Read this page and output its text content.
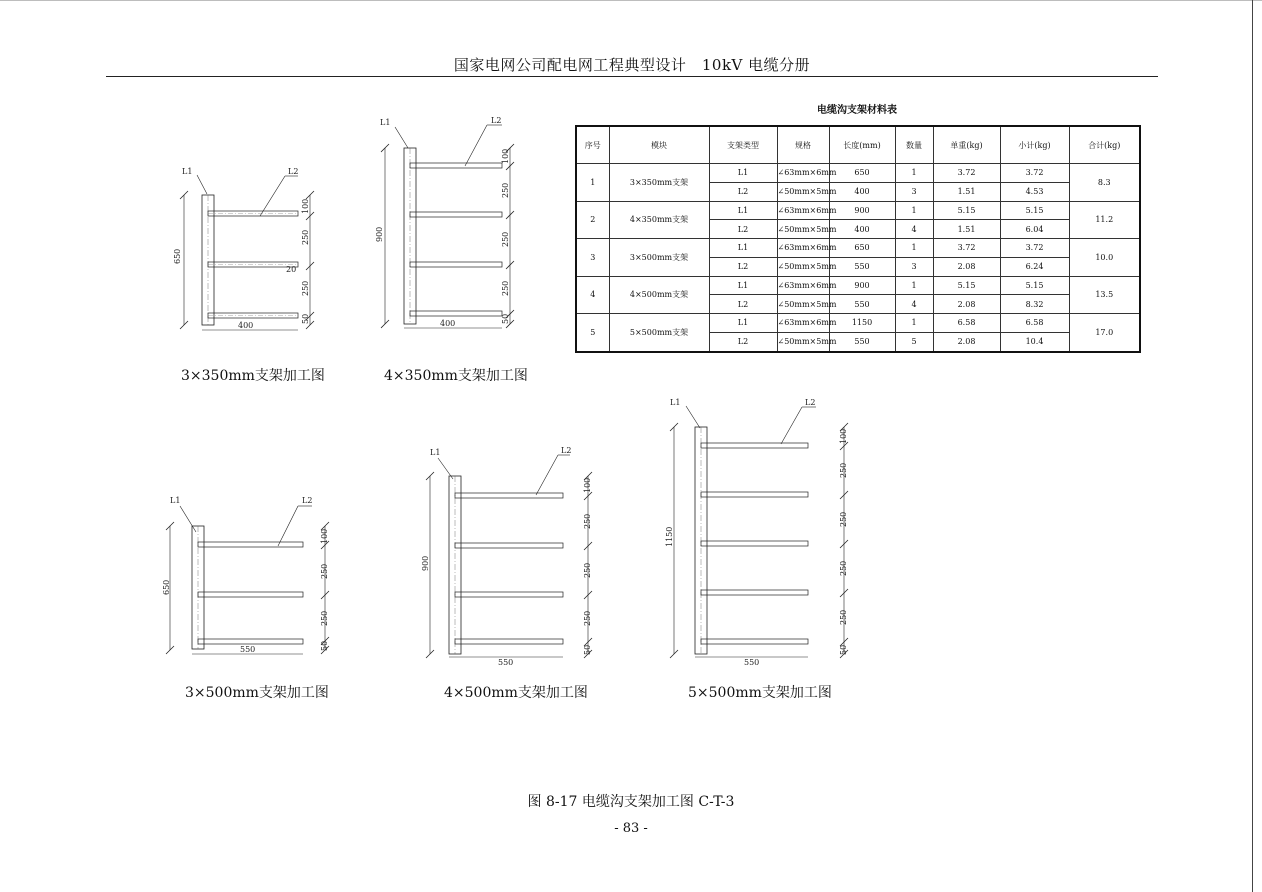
国家电网公司配电网工程典型设计　10kV 电缆分册
L1	L2
650
400
100
250
20
250
50
3×350mm支架加工图
L1	L2
900
400
100
250
250
250
50
4×350mm支架加工图
电缆沟支架材料表
序号	模块	支架类型	规格	长度(mm)	数量	单重(kg)	小计(kg)	合计(kg)
1	3×350mm支架	L1	∠63mm×6mm	650	1	3.72	3.72	8.3
		L2	∠50mm×5mm	400	3	1.51	4.53	
2	4×350mm支架	L1	∠63mm×6mm	900	1	5.15	5.15	11.2
		L2	∠50mm×5mm	400	4	1.51	6.04	
3	3×500mm支架	L1	∠63mm×6mm	650	1	3.72	3.72	10.0
		L2	∠50mm×5mm	550	3	2.08	6.24	
4	4×500mm支架	L1	∠63mm×6mm	900	1	5.15	5.15	13.5
		L2	∠50mm×5mm	550	4	2.08	8.32	
5	5×500mm支架	L1	∠63mm×6mm	1150	1	6.58	6.58	17.0
		L2	∠50mm×5mm	550	5	2.08	10.4	
L1	L2
650
550
100
250
250
50
3×500mm支架加工图
L1	L2
900
550
100
250
250
250
50
4×500mm支架加工图
L1	L2
1150
550
100
250
250
250
250
50
5×500mm支架加工图
图 8-17 电缆沟支架加工图 C-T-3
- 83 -
